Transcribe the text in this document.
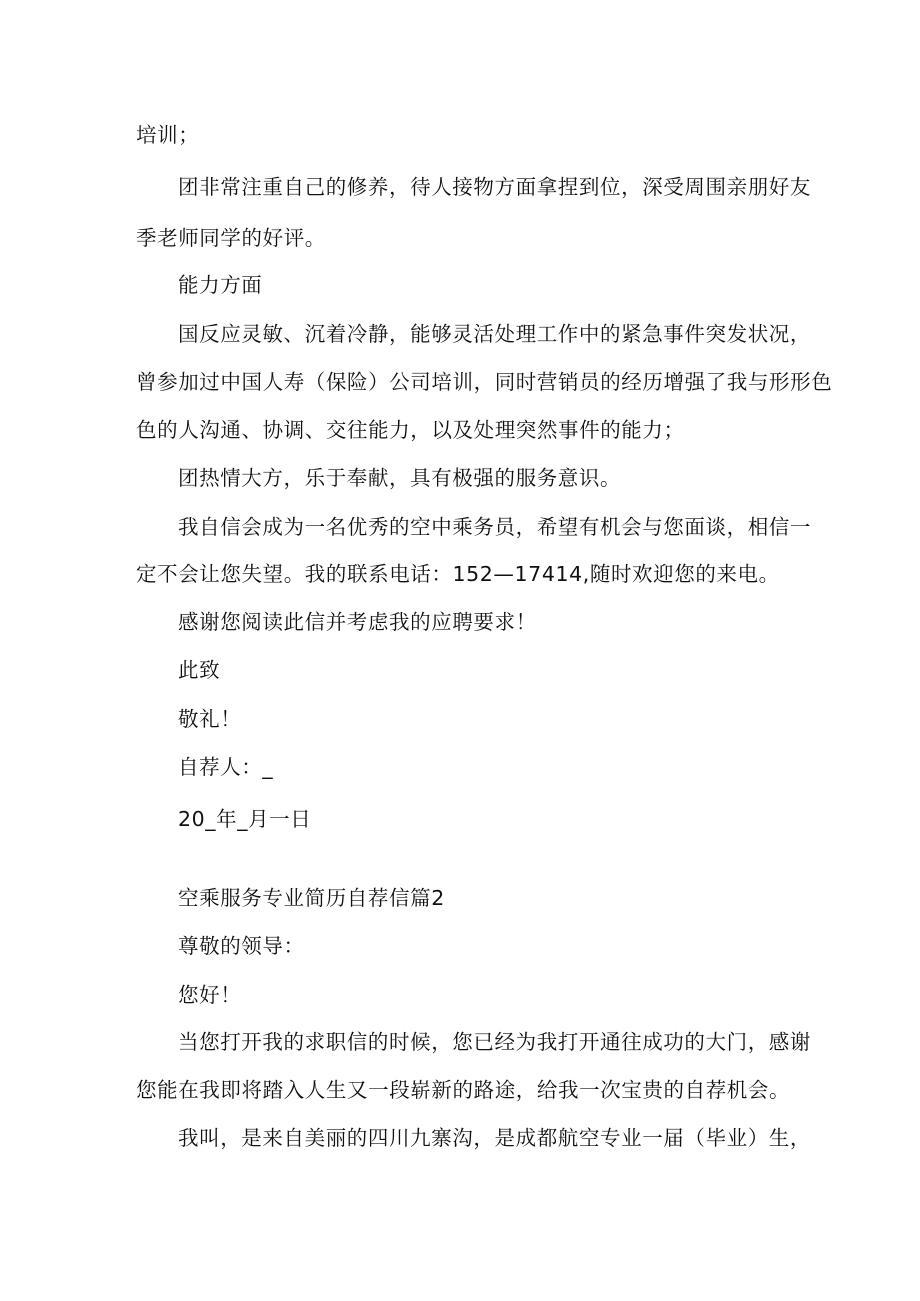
培训；
团非常注重自己的修养，待人接物方面拿捏到位，深受周围亲朋好友
季老师同学的好评。
能力方面
国反应灵敏、沉着冷静，能够灵活处理工作中的紧急事件突发状况，
曾参加过中国人寿（保险）公司培训，同时营销员的经历增强了我与形形色
色的人沟通、协调、交往能力，以及处理突然事件的能力；
团热情大方，乐于奉献，具有极强的服务意识。
我自信会成为一名优秀的空中乘务员，希望有机会与您面谈，相信一
定不会让您失望。我的联系电话：152—17414,随时欢迎您的来电。
感谢您阅读此信并考虑我的应聘要求！
此致
敬礼！
自荐人：_
20_年_月一日
空乘服务专业简历自荐信篇2
尊敬的领导：
您好！
当您打开我的求职信的时候，您已经为我打开通往成功的大门，感谢
您能在我即将踏入人生又一段崭新的路途，给我一次宝贵的自荐机会。
我叫，是来自美丽的四川九寨沟，是成都航空专业一届（毕业）生，
